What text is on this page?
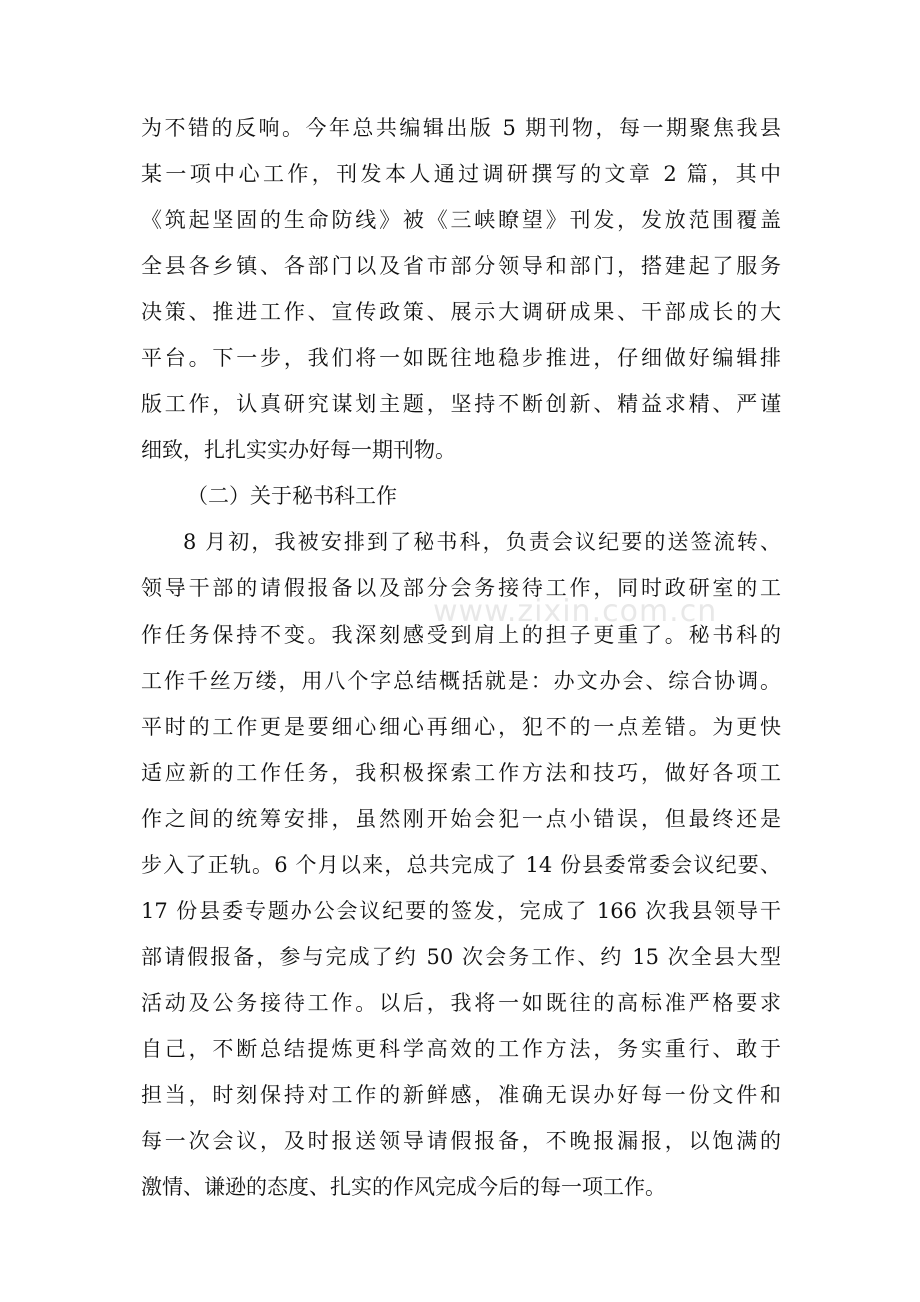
为不错的反响。今年总共编辑出版 5 期刊物，每一期聚焦我县
某一项中心工作，刊发本人通过调研撰写的文章 2 篇，其中
《筑起坚固的生命防线》被《三峡瞭望》刊发，发放范围覆盖
全县各乡镇、各部门以及省市部分领导和部门，搭建起了服务
决策、推进工作、宣传政策、展示大调研成果、干部成长的大
平台。下一步，我们将一如既往地稳步推进，仔细做好编辑排
版工作，认真研究谋划主题，坚持不断创新、精益求精、严谨
细致，扎扎实实办好每一期刊物。
（二）关于秘书科工作
8 月初，我被安排到了秘书科，负责会议纪要的送签流转、
领导干部的请假报备以及部分会务接待工作，同时政研室的工
作任务保持不变。我深刻感受到肩上的担子更重了。秘书科的
工作千丝万缕，用八个字总结概括就是：办文办会、综合协调。
平时的工作更是要细心细心再细心，犯不的一点差错。为更快
适应新的工作任务，我积极探索工作方法和技巧，做好各项工
作之间的统筹安排，虽然刚开始会犯一点小错误，但最终还是
步入了正轨。6 个月以来，总共完成了 14 份县委常委会议纪要、
17 份县委专题办公会议纪要的签发，完成了 166 次我县领导干
部请假报备，参与完成了约 50 次会务工作、约 15 次全县大型
活动及公务接待工作。以后，我将一如既往的高标准严格要求
自己，不断总结提炼更科学高效的工作方法，务实重行、敢于
担当，时刻保持对工作的新鲜感，准确无误办好每一份文件和
每一次会议，及时报送领导请假报备，不晚报漏报，以饱满的
激情、谦逊的态度、扎实的作风完成今后的每一项工作。
www.zixin.com.cn
